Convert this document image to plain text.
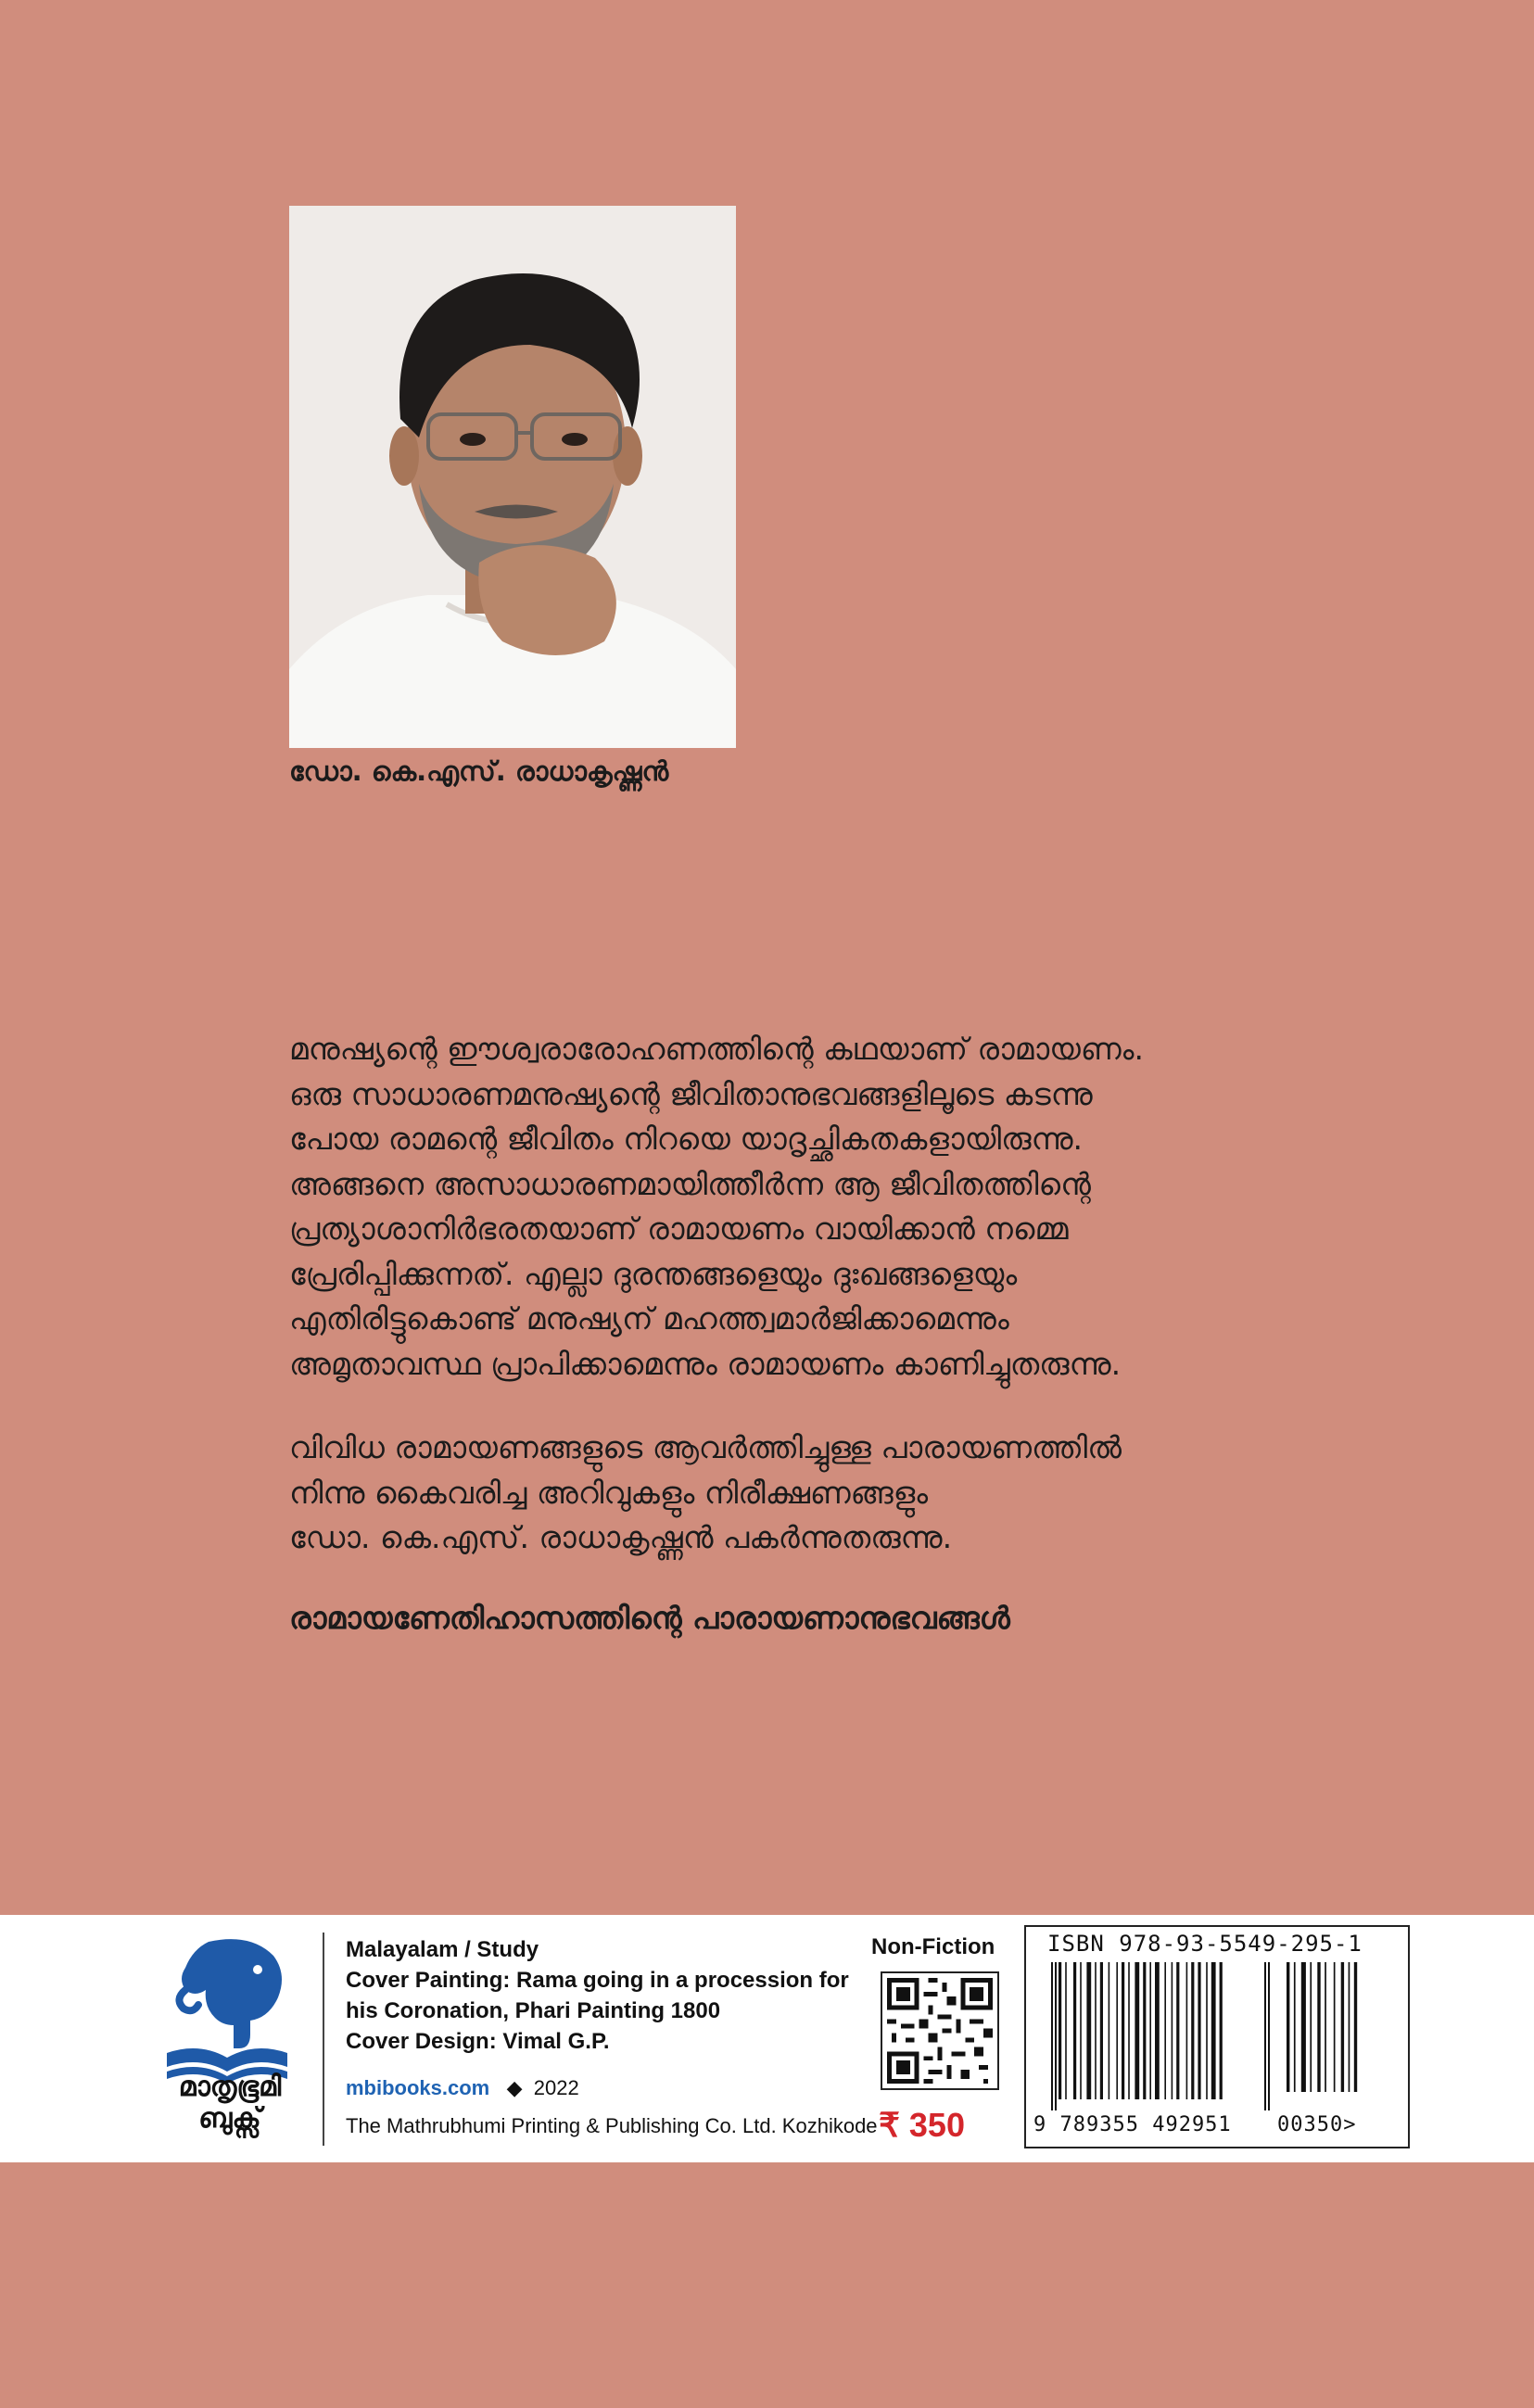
ഡോ. കെ.എസ്. രാധാകൃഷ്ണൻ

മനുഷ്യന്റെ ഈശ്വരാരോഹണത്തിന്റെ കഥയാണ് രാമായണം.
ഒരു സാധാരണമനുഷ്യന്റെ ജീവിതാനുഭവങ്ങളിലൂടെ കടന്നു
പോയ രാമന്റെ ജീവിതം നിറയെ യാദൃച്ഛികതകളായിരുന്നു.
അങ്ങനെ അസാധാരണമായിത്തീർന്ന ആ ജീവിതത്തിന്റെ
പ്രത്യാശാനിർഭരതയാണ് രാമായണം വായിക്കാൻ നമ്മെ
പ്രേരിപ്പിക്കുന്നത്. എല്ലാ ദുരന്തങ്ങളെയും ദുഃഖങ്ങളെയും
എതിരിട്ടുകൊണ്ട് മനുഷ്യന് മഹത്ത്വമാർജിക്കാമെന്നും
അമൃതാവസ്ഥ പ്രാപിക്കാമെന്നും രാമായണം കാണിച്ചുതരുന്നു.

വിവിധ രാമായണങ്ങളുടെ ആവർത്തിച്ചുള്ള പാരായണത്തിൽ
നിന്നു കൈവരിച്ച അറിവുകളും നിരീക്ഷണങ്ങളും
ഡോ. കെ.എസ്. രാധാകൃഷ്ണൻ പകർന്നുതരുന്നു.

രാമായണേതിഹാസത്തിന്റെ പാരായണാനുഭവങ്ങൾ

മാതൃഭൂമി
ബുക്സ്
Malayalam / Study
Cover Painting: Rama going in a procession for
his Coronation, Phari Painting 1800
Cover Design: Vimal G.P.
mbibooks.com ◆ 2022
The Mathrubhumi Printing & Publishing Co. Ltd. Kozhikode
Non-Fiction
₹ 350
ISBN 978-93-5549-295-1
9 789355 492951 00350>
